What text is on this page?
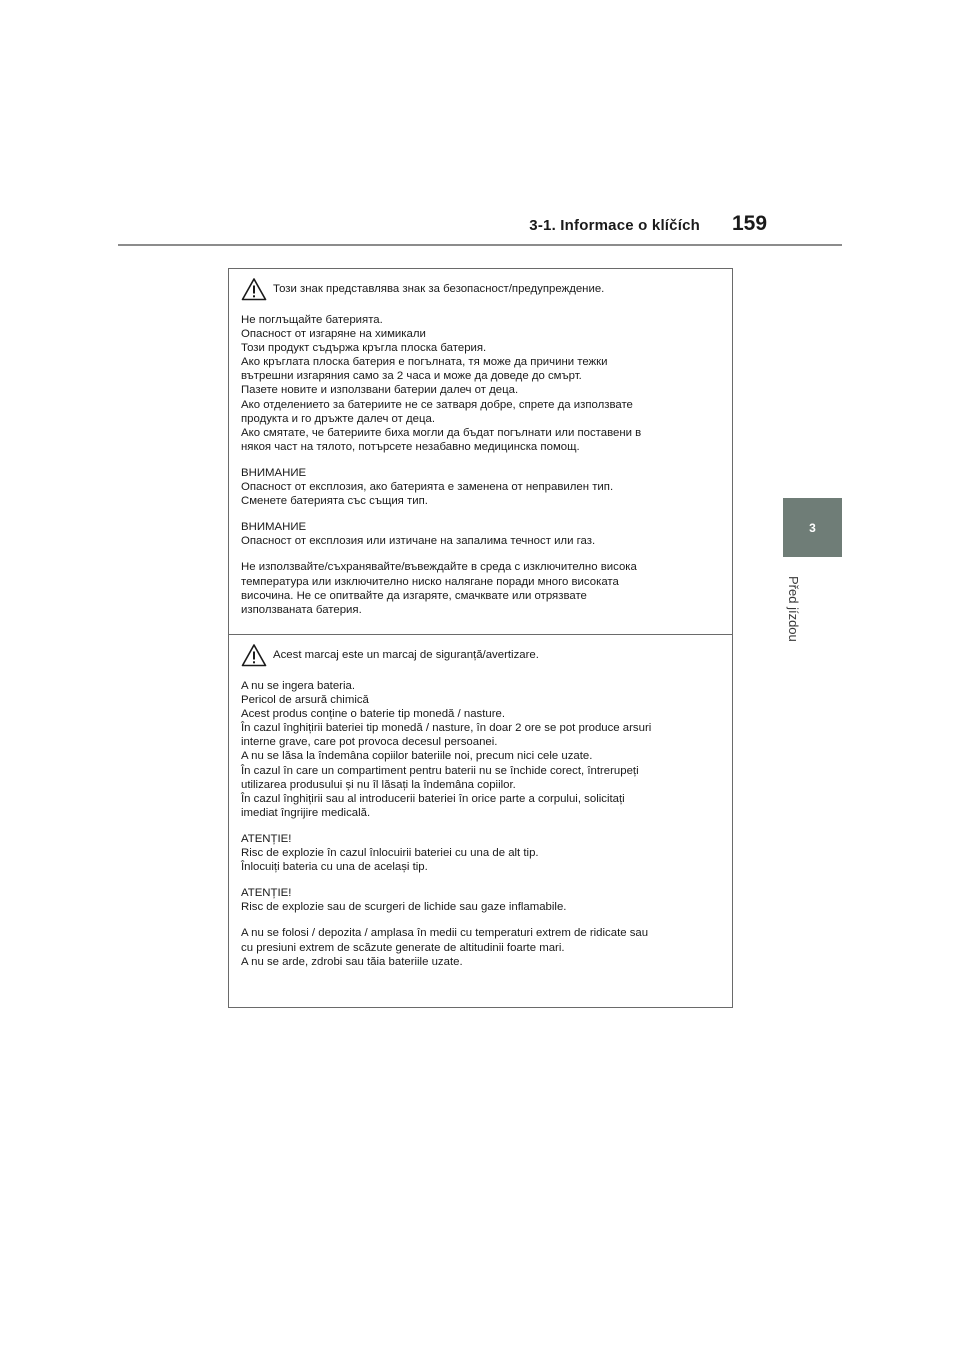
3-1. Informace o klíčích 159
3
Před jízdou
Този знак представлява знак за безопасност/предупреждение.
Не поглъщайте батерията.
Опасност от изгаряне на химикали
Този продукт съдържа кръгла плоска батерия.
Ако кръглата плоска батерия е погълната, тя може да причини тежки
вътрешни изгаряния само за 2 часа и може да доведе до смърт.
Пазете новите и използвани батерии далеч от деца.
Ако отделението за батериите не се затваря добре, спрете да използвате
продукта и го дръжте далеч от деца.
Ако смятате, че батериите биха могли да бъдат погълнати или поставени в
някоя част на тялото, потърсете незабавно медицинска помощ.
ВНИМАНИЕ
Опасност от експлозия, ако батерията е заменена от неправилен тип.
Сменете батерията със същия тип.
ВНИМАНИЕ
Опасност от експлозия или изтичане на запалима течност или газ.
Не използвайте/съхранявайте/въвеждайте в среда с изключително висока
температура или изключително ниско налягане поради много високата
височина. Не се опитвайте да изгаряте, смачквате или отрязвате
използваната батерия.
Acest marcaj este un marcaj de siguranță/avertizare.
A nu se ingera bateria.
Pericol de arsură chimică
Acest produs conține o baterie tip monedă / nasture.
În cazul înghițirii bateriei tip monedă / nasture, în doar 2 ore se pot produce arsuri
interne grave, care pot provoca decesul persoanei.
A nu se lăsa la îndemâna copiilor bateriile noi, precum nici cele uzate.
În cazul în care un compartiment pentru baterii nu se închide corect, întrerupeți
utilizarea produsului și nu îl lăsați la îndemâna copiilor.
În cazul înghițirii sau al introducerii bateriei în orice parte a corpului, solicitați
imediat îngrijire medicală.
ATENȚIE!
Risc de explozie în cazul înlocuirii bateriei cu una de alt tip.
Înlocuiți bateria cu una de același tip.
ATENȚIE!
Risc de explozie sau de scurgeri de lichide sau gaze inflamabile.
A nu se folosi / depozita / amplasa în medii cu temperaturi extrem de ridicate sau
cu presiuni extrem de scăzute generate de altitudinii foarte mari.
A nu se arde, zdrobi sau tăia bateriile uzate.
